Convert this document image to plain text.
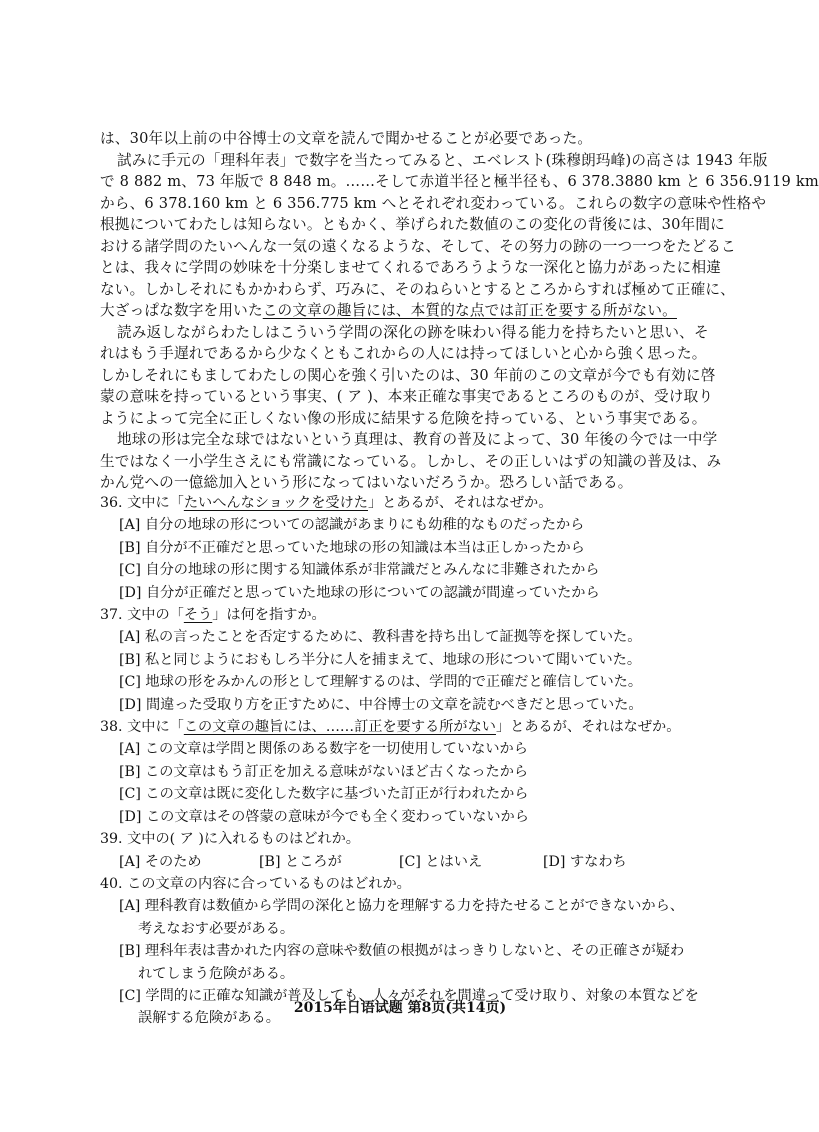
は、30年以上前の中谷博士の文章を読んで聞かせることが必要であった。
試みに手元の「理科年表」で数字を当たってみると、エベレスト(珠穆朗玛峰)の高さは 1943 年版
で 8 882 m、73 年版で 8 848 m。……そして赤道半径と極半径も、6 378.3880 km と 6 356.9119 km
から、6 378.160 km と 6 356.775 km へとそれぞれ変わっている。これらの数字の意味や性格や
根拠についてわたしは知らない。ともかく、挙げられた数値のこの変化の背後には、30年間に
おける諸学問のたいへんな一気の遠くなるような、そして、その努力の跡の一つ一つをたどるこ
とは、我々に学問の妙味を十分楽しませてくれるであろうような一深化と協力があったに相違
ない。しかしそれにもかかわらず、巧みに、そのねらいとするところからすれば極めて正確に、
大ざっぱな数字を用いたこの文章の趣旨には、本質的な点では訂正を要する所がない。
読み返しながらわたしはこういう学問の深化の跡を味わい得る能力を持ちたいと思い、そ
れはもう手遅れであるから少なくともこれからの人には持ってほしいと心から強く思った。
しかしそれにもましてわたしの関心を強く引いたのは、30 年前のこの文章が今でも有効に啓
蒙の意味を持っているという事実、( ア )、本来正確な事実であるところのものが、受け取り
ようによって完全に正しくない像の形成に結果する危険を持っている、という事実である。
地球の形は完全な球ではないという真理は、教育の普及によって、30 年後の今では一中学
生ではなく一小学生さえにも常識になっている。しかし、その正しいはずの知識の普及は、み
かん党への一億総加入という形になってはいないだろうか。恐ろしい話である。
36. 文中に「たいへんなショックを受けた」とあるが、それはなぜか。
[A] 自分の地球の形についての認識があまりにも幼稚的なものだったから
[B] 自分が不正確だと思っていた地球の形の知識は本当は正しかったから
[C] 自分の地球の形に関する知識体系が非常識だとみんなに非難されたから
[D] 自分が正確だと思っていた地球の形についての認識が間違っていたから
37. 文中の「そう」は何を指すか。
[A] 私の言ったことを否定するために、教科書を持ち出して証拠等を探していた。
[B] 私と同じようにおもしろ半分に人を捕まえて、地球の形について聞いていた。
[C] 地球の形をみかんの形として理解するのは、学問的で正確だと確信していた。
[D] 間違った受取り方を正すために、中谷博士の文章を読むべきだと思っていた。
38. 文中に「この文章の趣旨には、……訂正を要する所がない」とあるが、それはなぜか。
[A] この文章は学問と関係のある数字を一切使用していないから
[B] この文章はもう訂正を加える意味がないほど古くなったから
[C] この文章は既に変化した数字に基づいた訂正が行われたから
[D] この文章はその啓蒙の意味が今でも全く変わっていないから
39. 文中の( ア )に入れるものはどれか。
[A] そのため	[B] ところが	[C] とはいえ	[D] すなわち
40. この文章の内容に合っているものはどれか。
[A] 理科教育は数値から学問の深化と協力を理解する力を持たせることができないから、
考えなおす必要がある。
[B] 理科年表は書かれた内容の意味や数値の根拠がはっきりしないと、その正確さが疑わ
れてしまう危険がある。
[C] 学問的に正確な知識が普及しても、人々がそれを間違って受け取り、対象の本質などを
誤解する危険がある。
2015年日语试题 第8页(共14页)
